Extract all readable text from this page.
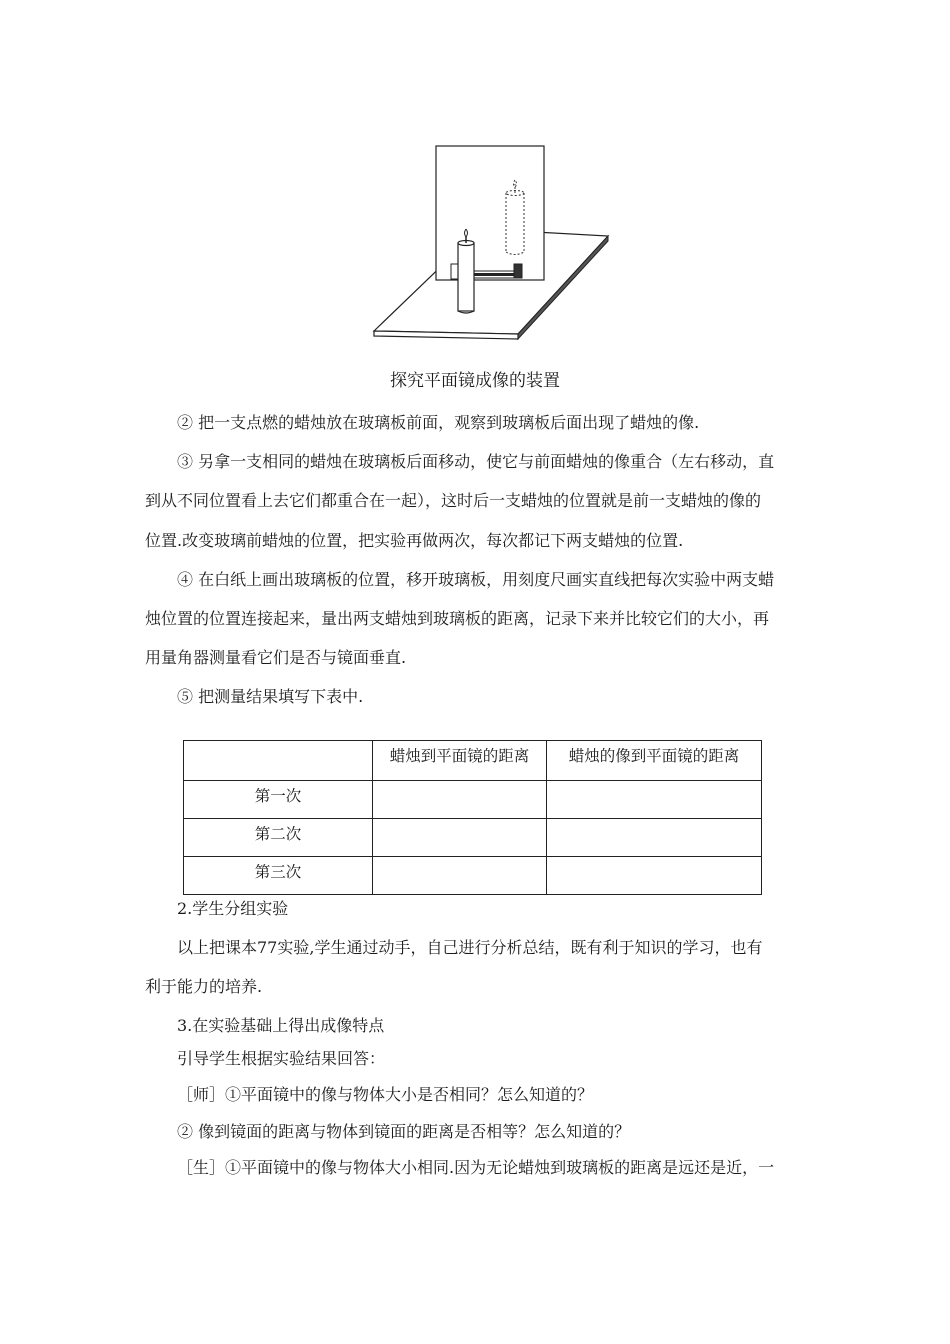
探究平面镜成像的装置
② 把一支点燃的蜡烛放在玻璃板前面，观察到玻璃板后面出现了蜡烛的像.
③ 另拿一支相同的蜡烛在玻璃板后面移动，使它与前面蜡烛的像重合（左右移动，直
到从不同位置看上去它们都重合在一起），这时后一支蜡烛的位置就是前一支蜡烛的像的
位置.改变玻璃前蜡烛的位置，把实验再做两次，每次都记下两支蜡烛的位置.
④ 在白纸上画出玻璃板的位置，移开玻璃板，用刻度尺画实直线把每次实验中两支蜡
烛位置的位置连接起来，量出两支蜡烛到玻璃板的距离，记录下来并比较它们的大小，再
用量角器测量看它们是否与镜面垂直.
⑤ 把测量结果填写下表中.
	蜡烛到平面镜的距离	蜡烛的像到平面镜的距离
第一次		
第二次		
第三次		
2.学生分组实验
以上把课本77实验,学生通过动手，自己进行分析总结，既有利于知识的学习，也有
利于能力的培养.
3.在实验基础上得出成像特点
引导学生根据实验结果回答：
［师］①平面镜中的像与物体大小是否相同？怎么知道的？
② 像到镜面的距离与物体到镜面的距离是否相等？怎么知道的？
［生］①平面镜中的像与物体大小相同.因为无论蜡烛到玻璃板的距离是远还是近，一
